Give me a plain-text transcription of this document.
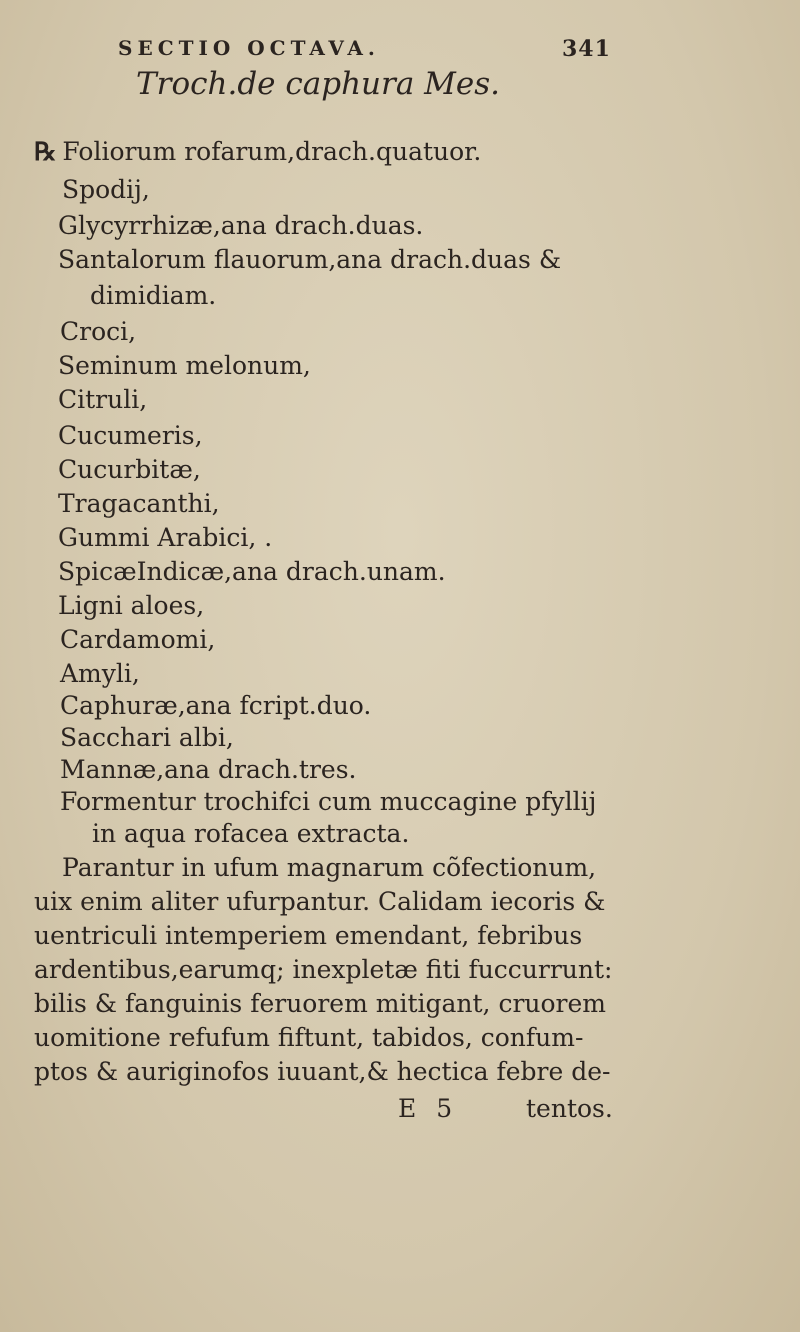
SECTIO OCTAVA.	341
Troch.de caphura Mes.
℞ Foliorum rofarum,drach.quatuor.
Spodij,
Glycyrrhizæ,ana drach.duas.
Santalorum flauorum,ana drach.duas &
dimidiam.
Croci,
Seminum melonum,
Citruli,
Cucumeris,
Cucurbitæ,
Tragacanthi,
Gummi Arabici, .
SpicæIndicæ,ana drach.unam.
Ligni aloes,
Cardamomi,
Amyli,
Caphuræ,ana fcript.duo.
Sacchari albi,
Mannæ,ana drach.tres.
Formentur trochifci cum muccagine pfyllij
in aqua rofacea extracta.
Parantur in ufum magnarum cõfectionum,
uix enim aliter ufurpantur. Calidam iecoris &
uentriculi intemperiem emendant, febribus
ardentibus,earumq; inexpletæ fiti fuccurrunt:
bilis & fanguinis feruorem mitigant, cruorem
uomitione refufum fiftunt, tabidos, confum-
ptos & auriginofos iuuant,& hectica febre de-
E 5	tentos.
